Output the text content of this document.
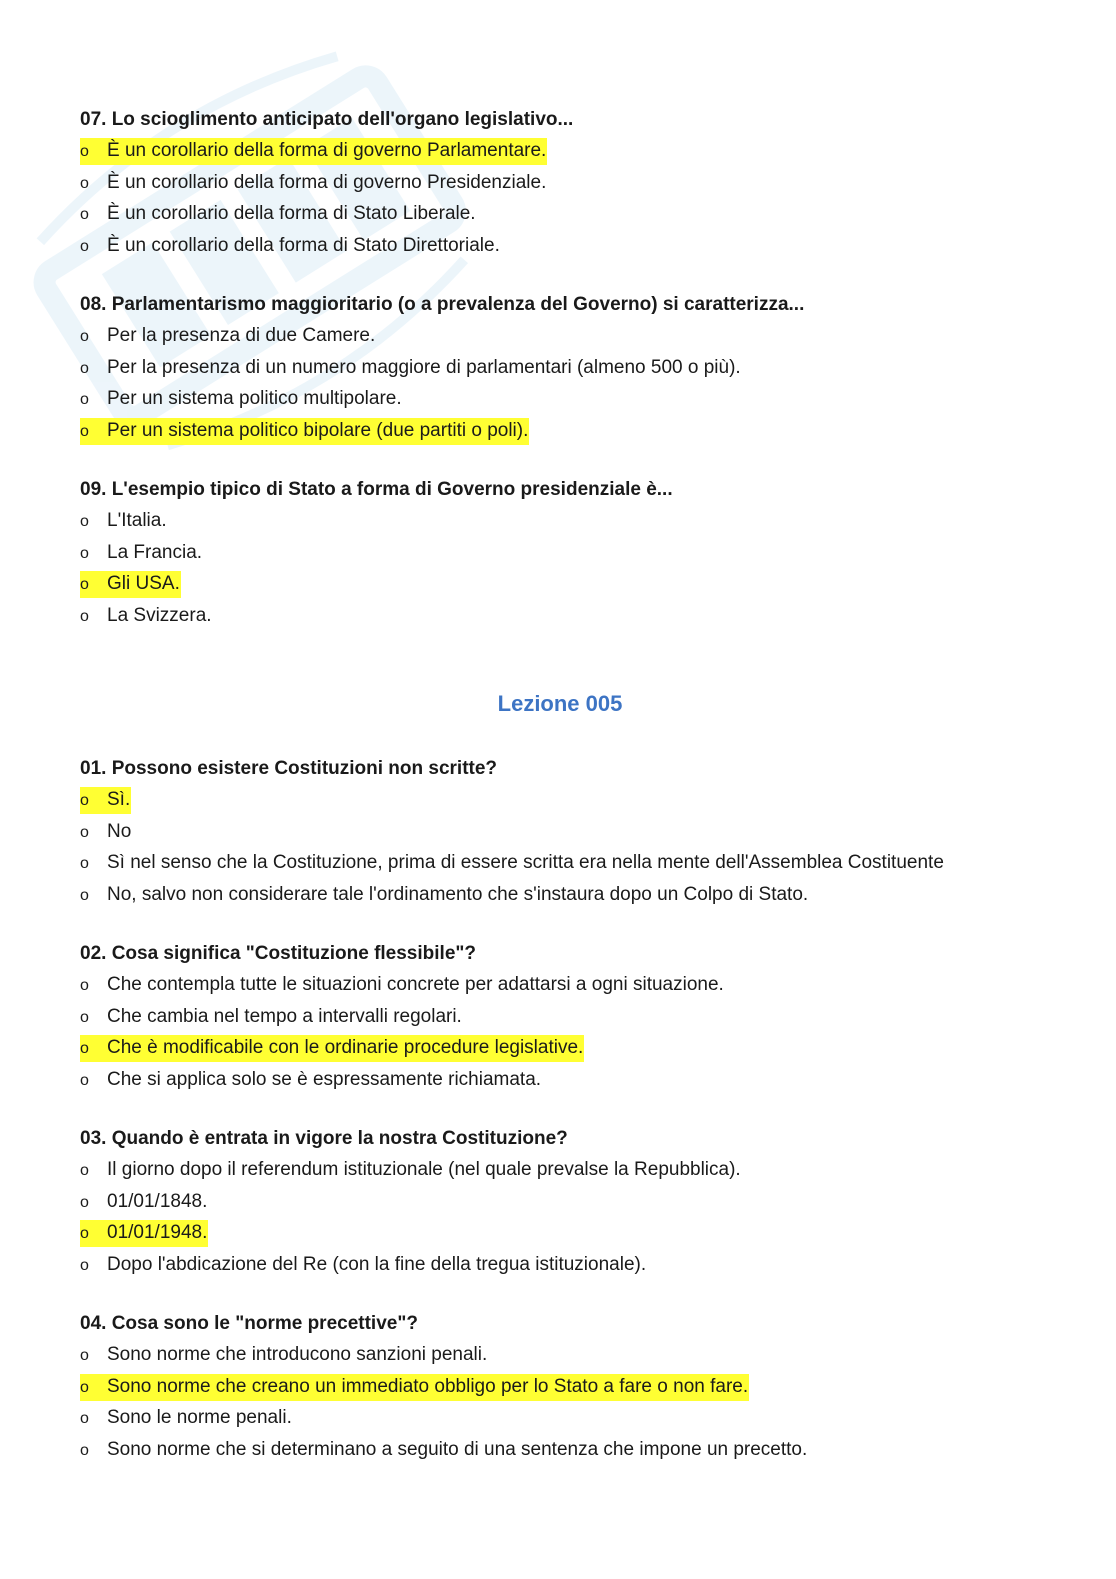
07. Lo scioglimento anticipato dell'organo legislativo...
o È un corollario della forma di governo Parlamentare.
o È un corollario della forma di governo Presidenziale.
o È un corollario della forma di Stato Liberale.
o È un corollario della forma di Stato Direttoriale.
08. Parlamentarismo maggioritario (o a prevalenza del Governo) si caratterizza...
o Per la presenza di due Camere.
o Per la presenza di un numero maggiore di parlamentari (almeno 500 o più).
o Per un sistema politico multipolare.
o Per un sistema politico bipolare (due partiti o poli).
09. L'esempio tipico di Stato a forma di Governo presidenziale è...
o L'Italia.
o La Francia.
o Gli USA.
o La Svizzera.
Lezione 005
01. Possono esistere Costituzioni non scritte?
o Sì.
o No
o Sì nel senso che la Costituzione, prima di essere scritta era nella mente dell'Assemblea Costituente
o No, salvo non considerare tale l'ordinamento che s'instaura dopo un Colpo di Stato.
02. Cosa significa "Costituzione flessibile"?
o Che contempla tutte le situazioni concrete per adattarsi a ogni situazione.
o Che cambia nel tempo a intervalli regolari.
o Che è modificabile con le ordinarie procedure legislative.
o Che si applica solo se è espressamente richiamata.
03. Quando è entrata in vigore la nostra Costituzione?
o Il giorno dopo il referendum istituzionale (nel quale prevalse la Repubblica).
o 01/01/1848.
o 01/01/1948.
o Dopo l'abdicazione del Re (con la fine della tregua istituzionale).
04. Cosa sono le "norme precettive"?
o Sono norme che introducono sanzioni penali.
o Sono norme che creano un immediato obbligo per lo Stato a fare o non fare.
o Sono le norme penali.
o Sono norme che si determinano a seguito di una sentenza che impone un precetto.
